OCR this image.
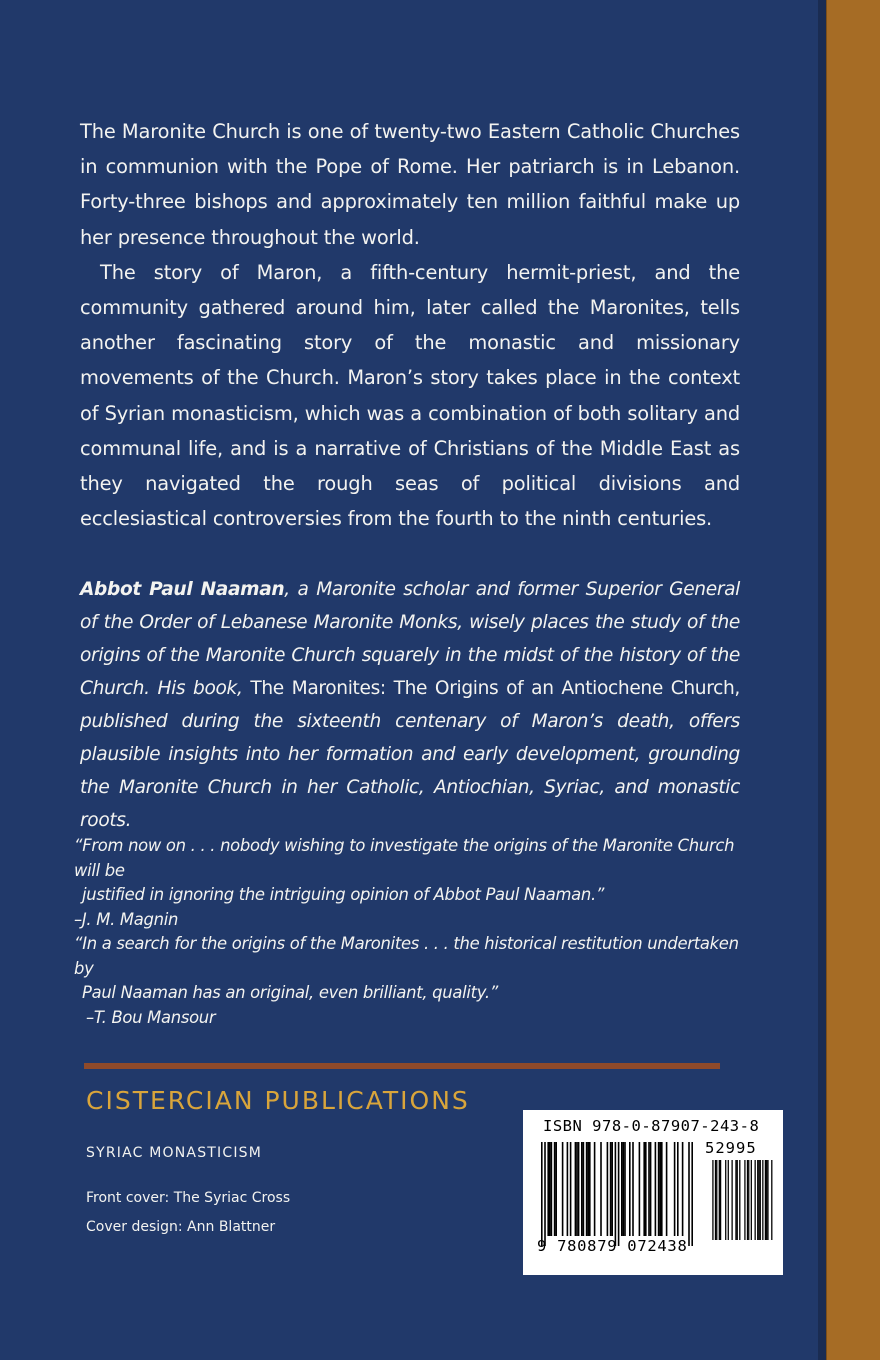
The Maronite Church is one of twenty-two Eastern Catholic Churches in communion with the Pope of Rome. Her patriarch is in Lebanon. Forty-three bishops and approximately ten million faithful make up her presence throughout the world.

The story of Maron, a fifth-century hermit-priest, and the community gathered around him, later called the Maronites, tells another fascinating story of the monastic and missionary movements of the Church. Maron’s story takes place in the context of Syrian monasticism, which was a combination of both solitary and communal life, and is a narrative of Christians of the Middle East as they navigated the rough seas of political divisions and ecclesiastical controversies from the fourth to the ninth centuries.

Abbot Paul Naaman, a Maronite scholar and former Superior General of the Order of Lebanese Maronite Monks, wisely places the study of the origins of the Maronite Church squarely in the midst of the history of the Church. His book, The Maronites: The Origins of an Antiochene Church, published during the sixteenth centenary of Maron’s death, offers plausible insights into her formation and early development, grounding the Maronite Church in her Catholic, Antiochian, Syriac, and monastic roots.

“From now on . . . nobody wishing to investigate the origins of the Maronite Church will be

justified in ignoring the intriguing opinion of Abbot Paul Naaman.”

–J. M. Magnin

“In a search for the origins of the Maronites . . . the historical restitution undertaken by

Paul Naaman has an original, even brilliant, quality.”

–T. Bou Mansour

CISTERCIAN PUBLICATIONS
SYRIAC MONASTICISM
Front cover: The Syriac Cross
Cover design: Ann Blattner
ISBN 978-0-87907-243-8
52995
9 780879 072438
